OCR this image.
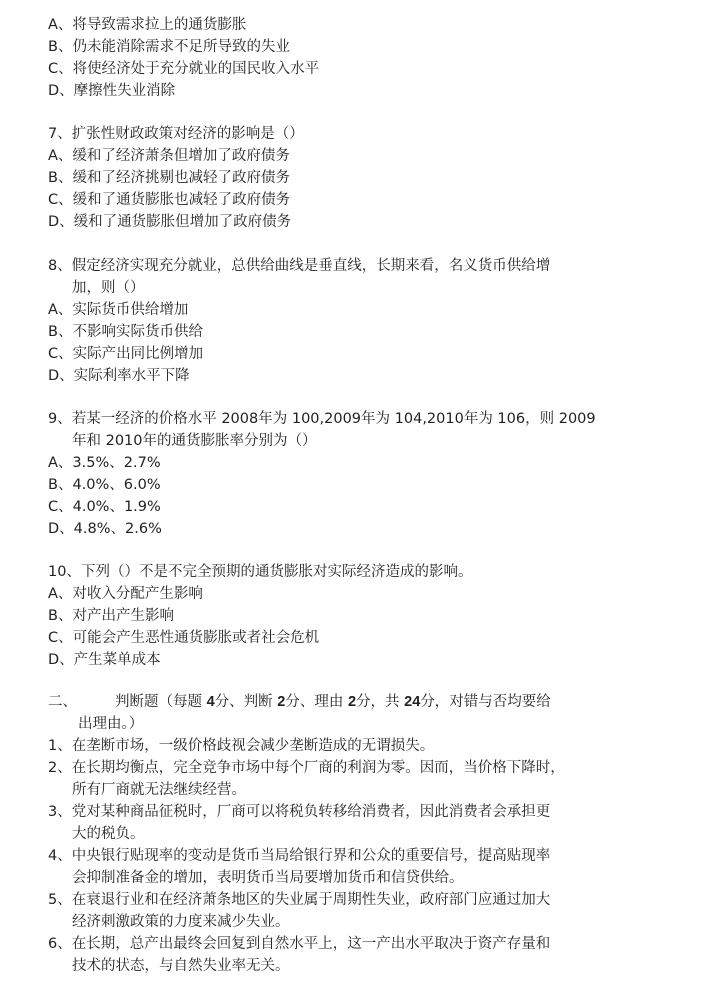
A、将导致需求拉上的通货膨胀
B、仍未能消除需求不足所导致的失业
C、将使经济处于充分就业的国民收入水平
D、摩擦性失业消除
7、扩张性财政政策对经济的影响是（）
A、缓和了经济萧条但增加了政府债务
B、缓和了经济挑剔也减轻了政府债务
C、缓和了通货膨胀也减轻了政府债务
D、缓和了通货膨胀但增加了政府债务
8、假定经济实现充分就业，总供给曲线是垂直线，长期来看，名义货币供给增
加，则（）
A、实际货币供给增加
B、不影响实际货币供给
C、实际产出同比例增加
D、实际利率水平下降
9、若某一经济的价格水平 2008年为 100,2009年为 104,2010年为 106，则 2009
年和 2010年的通货膨胀率分别为（）
A、3.5%、2.7%
B、4.0%、6.0%
C、4.0%、1.9%
D、4.8%、2.6%
10、下列（）不是不完全预期的通货膨胀对实际经济造成的影响。
A、对收入分配产生影响
B、对产出产生影响
C、可能会产生恶性通货膨胀或者社会危机
D、产生菜单成本
二、	判断题（每题 4分、判断 2分、理由 2分，共 24分，对错与否均要给
出理由。）
1、在垄断市场，一级价格歧视会减少垄断造成的无谓损失。
2、在长期均衡点，完全竞争市场中每个厂商的利润为零。因而，当价格下降时，
所有厂商就无法继续经营。
3、党对某种商品征税时，厂商可以将税负转移给消费者，因此消费者会承担更
大的税负。
4、中央银行贴现率的变动是货币当局给银行界和公众的重要信号，提高贴现率
会抑制准备金的增加，表明货币当局要增加货币和信贷供给。
5、在衰退行业和在经济萧条地区的失业属于周期性失业，政府部门应通过加大
经济刺激政策的力度来减少失业。
6、在长期，总产出最终会回复到自然水平上，这一产出水平取决于资产存量和
技术的状态，与自然失业率无关。
